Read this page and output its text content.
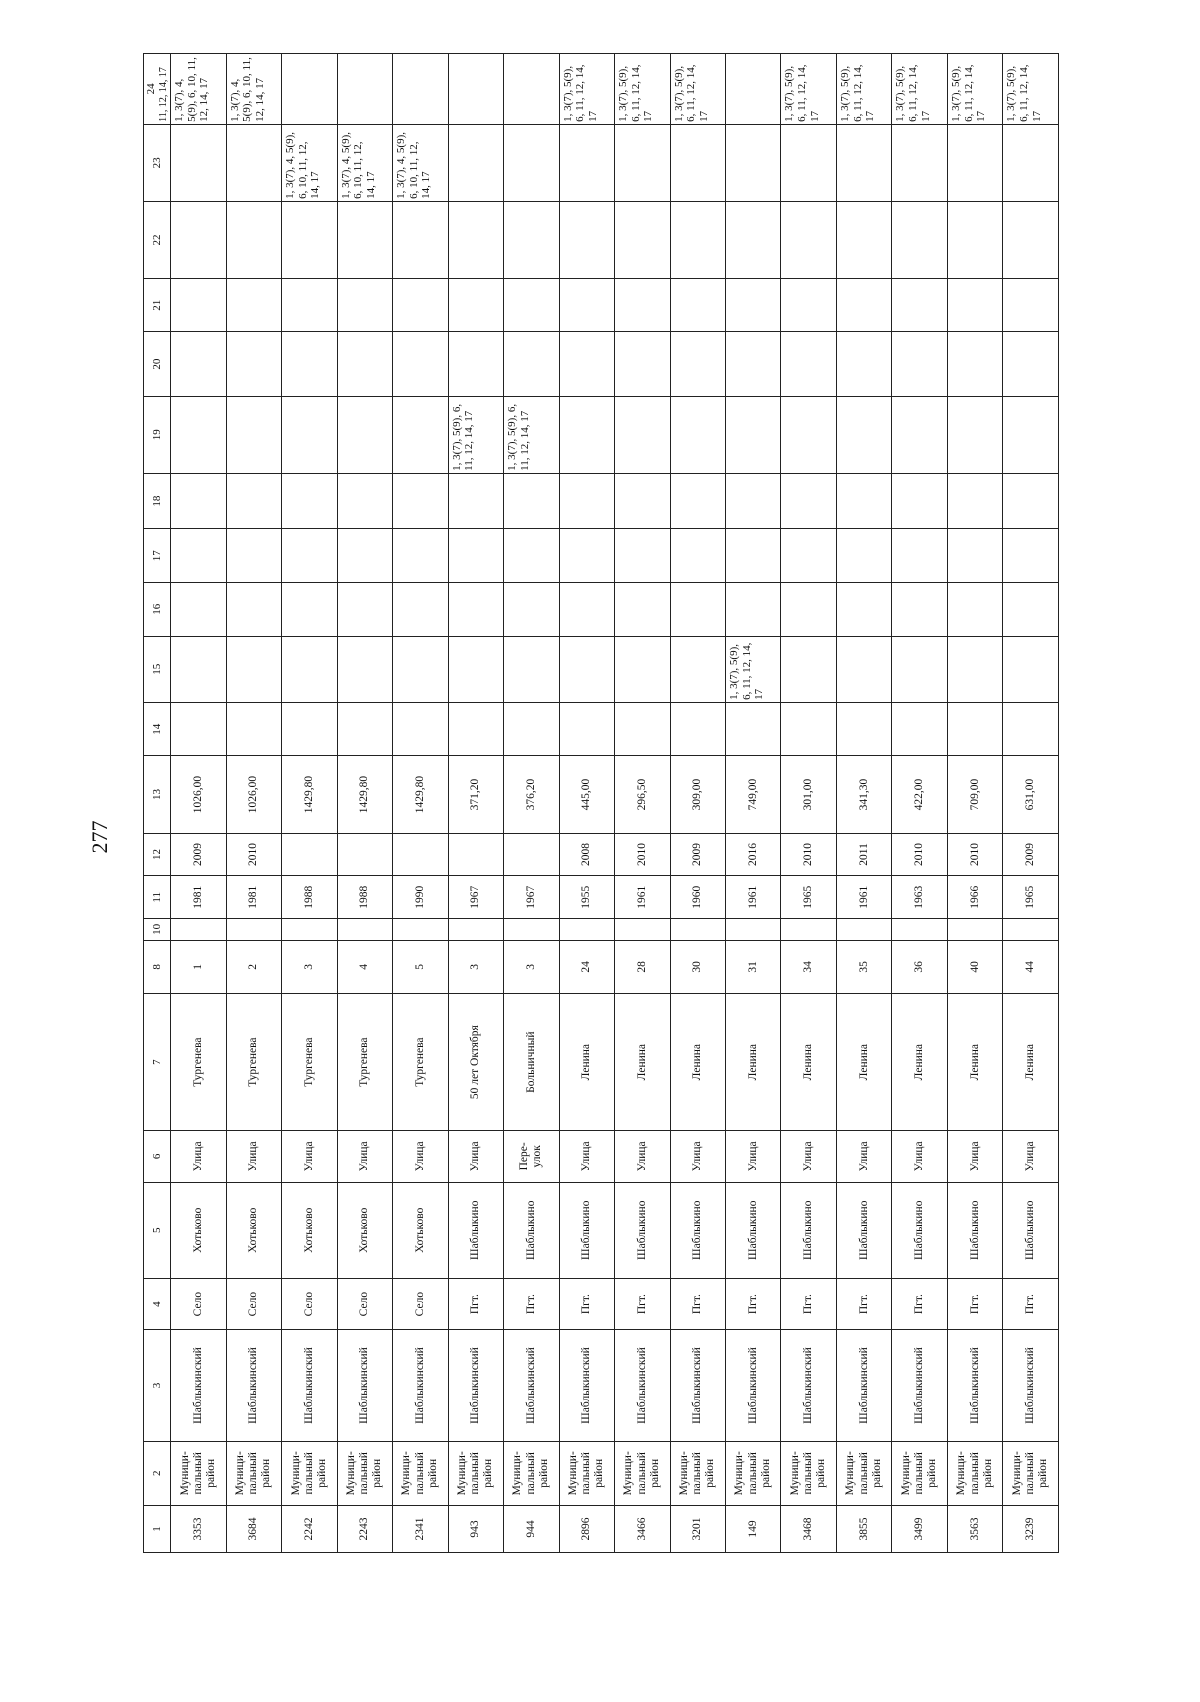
277
1	2	3	4	5	6	7	8	10	11	12	13	14	15	16	17	18	19	20	21	22	23	24 11, 12, 14, 17

3353	Муници-пальный район	Шаблыкинский	Село	Хотьково	Улица	Тургенева	1		1981	2009	1026,00											1, 3(7), 4, 5(9), 6, 10, 11, 12, 14, 17
3684	Муници-пальный район	Шаблыкинский	Село	Хотьково	Улица	Тургенева	2		1981	2010	1026,00											1, 3(7), 4, 5(9), 6, 10, 11, 12, 14, 17
2242	Муници-пальный район	Шаблыкинский	Село	Хотьково	Улица	Тургенева	3		1988		1429,80										1, 3(7), 4, 5(9), 6, 10, 11, 12, 14, 17	
2243	Муници-пальный район	Шаблыкинский	Село	Хотьково	Улица	Тургенева	4		1988		1429,80										1, 3(7), 4, 5(9), 6, 10, 11, 12, 14, 17	
2341	Муници-пальный район	Шаблыкинский	Село	Хотьково	Улица	Тургенева	5		1990		1429,80										1, 3(7), 4, 5(9), 6, 10, 11, 12, 14, 17	
943	Муници-пальный район	Шаблыкинский	Пгт.	Шаблыкино	Улица	50 лет Октября	3		1967		371,20						1, 3(7), 5(9), 6, 11, 12, 14, 17					
944	Муници-пальный район	Шаблыкинский	Пгт.	Шаблыкино	Пере-улок	Больничный	3		1967		376,20						1, 3(7), 5(9), 6, 11, 12, 14, 17					
2896	Муници-пальный район	Шаблыкинский	Пгт.	Шаблыкино	Улица	Ленина	24		1955	2008	445,00											1, 3(7), 5(9), 6, 11, 12, 14, 17
3466	Муници-пальный район	Шаблыкинский	Пгт.	Шаблыкино	Улица	Ленина	28		1961	2010	296,50											1, 3(7), 5(9), 6, 11, 12, 14, 17
3201	Муници-пальный район	Шаблыкинский	Пгт.	Шаблыкино	Улица	Ленина	30		1960	2009	309,00											1, 3(7), 5(9), 6, 11, 12, 14, 17
149	Муници-пальный район	Шаблыкинский	Пгт.	Шаблыкино	Улица	Ленина	31		1961	2016	749,00		1, 3(7), 5(9), 6, 11, 12, 14, 17									
3468	Муници-пальный район	Шаблыкинский	Пгт.	Шаблыкино	Улица	Ленина	34		1965	2010	301,00											1, 3(7), 5(9), 6, 11, 12, 14, 17
3855	Муници-пальный район	Шаблыкинский	Пгт.	Шаблыкино	Улица	Ленина	35		1961	2011	341,30											1, 3(7), 5(9), 6, 11, 12, 14, 17
3499	Муници-пальный район	Шаблыкинский	Пгт.	Шаблыкино	Улица	Ленина	36		1963	2010	422,00											1, 3(7), 5(9), 6, 11, 12, 14, 17
3563	Муници-пальный район	Шаблыкинский	Пгт.	Шаблыкино	Улица	Ленина	40		1966	2010	709,00											1, 3(7), 5(9), 6, 11, 12, 14, 17
3239	Муници-пальный район	Шаблыкинский	Пгт.	Шаблыкино	Улица	Ленина	44		1965	2009	631,00											1, 3(7), 5(9), 6, 11, 12, 14, 17
